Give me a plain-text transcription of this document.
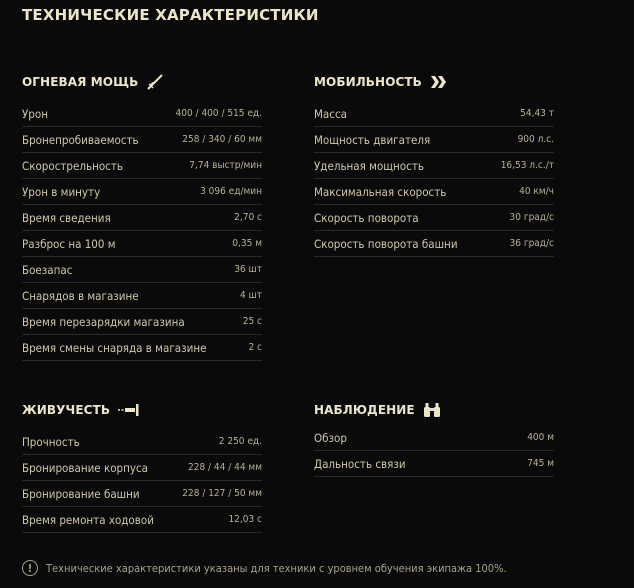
ТЕХНИЧЕСКИЕ ХАРАКТЕРИСТИКИ
ОГНЕВАЯ МОЩЬ
Урон	400 / 400 / 515 ед.
Бронепробиваемость	258 / 340 / 60 мм
Скорострельность	7,74 выстр/мин
Урон в минуту	3 096 ед/мин
Время сведения	2,70 с
Разброс на 100 м	0,35 м
Боезапас	36 шт
Снарядов в магазине	4 шт
Время перезарядки магазина	25 с
Время смены снаряда в магазине	2 с
МОБИЛЬНОСТЬ
Масса	54,43 т
Мощность двигателя	900 л.с.
Удельная мощность	16,53 л.с./т
Максимальная скорость	40 км/ч
Скорость поворота	30 град/с
Скорость поворота башни	36 град/с
ЖИВУЧЕСТЬ
Прочность	2 250 ед.
Бронирование корпуса	228 / 44 / 44 мм
Бронирование башни	228 / 127 / 50 мм
Время ремонта ходовой	12,03 с
НАБЛЮДЕНИЕ
Обзор	400 м
Дальность связи	745 м
!	Технические характеристики указаны для техники с уровнем обучения экипажа 100%.
